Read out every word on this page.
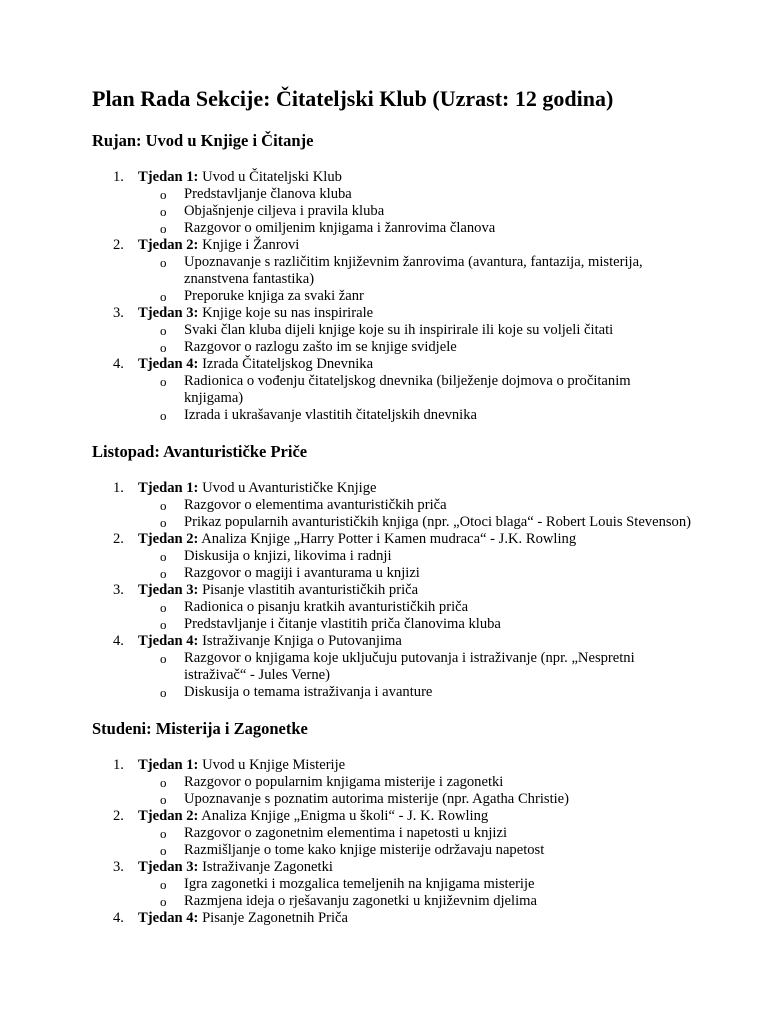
Plan Rada Sekcije: Čitateljski Klub (Uzrast: 12 godina)
Rujan: Uvod u Knjige i Čitanje
1. Tjedan 1: Uvod u Čitateljski Klub
o Predstavljanje članova kluba
o Objašnjenje ciljeva i pravila kluba
o Razgovor o omiljenim knjigama i žanrovima članova
2. Tjedan 2: Knjige i Žanrovi
o Upoznavanje s različitim književnim žanrovima (avantura, fantazija, misterija, znanstvena fantastika)
o Preporuke knjiga za svaki žanr
3. Tjedan 3: Knjige koje su nas inspirirale
o Svaki član kluba dijeli knjige koje su ih inspirirale ili koje su voljeli čitati
o Razgovor o razlogu zašto im se knjige svidjele
4. Tjedan 4: Izrada Čitateljskog Dnevnika
o Radionica o vođenju čitateljskog dnevnika (bilježenje dojmova o pročitanim knjigama)
o Izrada i ukrašavanje vlastitih čitateljskih dnevnika
Listopad: Avanturističke Priče
1. Tjedan 1: Uvod u Avanturističke Knjige
o Razgovor o elementima avanturističkih priča
o Prikaz popularnih avanturističkih knjiga (npr. „Otoci blaga“ - Robert Louis Stevenson)
2. Tjedan 2: Analiza Knjige „Harry Potter i Kamen mudraca“ - J.K. Rowling
o Diskusija o knjizi, likovima i radnji
o Razgovor o magiji i avanturama u knjizi
3. Tjedan 3: Pisanje vlastitih avanturističkih priča
o Radionica o pisanju kratkih avanturističkih priča
o Predstavljanje i čitanje vlastitih priča članovima kluba
4. Tjedan 4: Istraživanje Knjiga o Putovanjima
o Razgovor o knjigama koje uključuju putovanja i istraživanje (npr. „Nespretni istraživač“ - Jules Verne)
o Diskusija o temama istraživanja i avanture
Studeni: Misterija i Zagonetke
1. Tjedan 1: Uvod u Knjige Misterije
o Razgovor o popularnim knjigama misterije i zagonetki
o Upoznavanje s poznatim autorima misterije (npr. Agatha Christie)
2. Tjedan 2: Analiza Knjige „Enigma u školi“ - J. K. Rowling
o Razgovor o zagonetnim elementima i napetosti u knjizi
o Razmišljanje o tome kako knjige misterije održavaju napetost
3. Tjedan 3: Istraživanje Zagonetki
o Igra zagonetki i mozgalica temeljenih na knjigama misterije
o Razmjena ideja o rješavanju zagonetki u književnim djelima
4. Tjedan 4: Pisanje Zagonetnih Priča
